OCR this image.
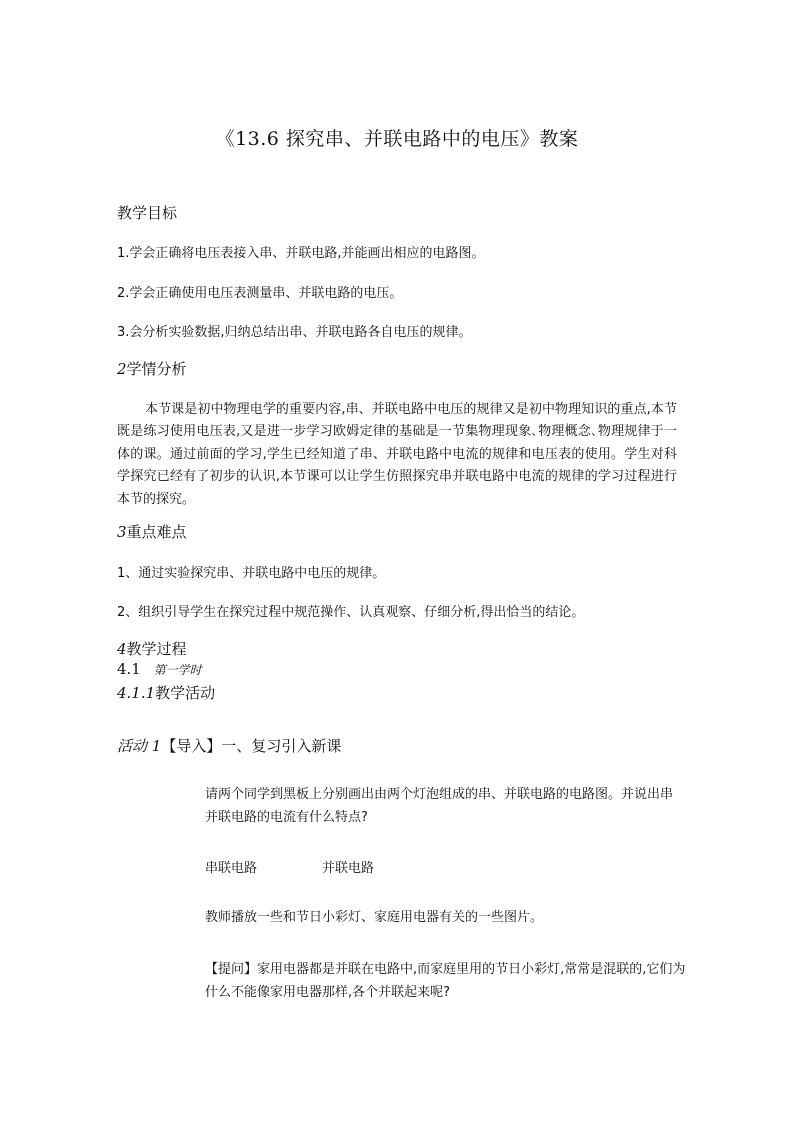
《13.6 探究串、并联电路中的电压》教案
教学目标
1.学会正确将电压表接入串、并联电路,并能画出相应的电路图。
2.学会正确使用电压表测量串、并联电路的电压。
3.会分析实验数据,归纳总结出串、并联电路各自电压的规律。
2学情分析
本节课是初中物理电学的重要内容,串、并联电路中电压的规律又是初中物理知识的重点,本节既是练习使用电压表,又是进一步学习欧姆定律的基础是一节集物理现象､物理概念､物理规律于一体的课。通过前面的学习,学生已经知道了串、并联电路中电流的规律和电压表的使用。学生对科学探究已经有了初步的认识,本节课可以让学生仿照探究串并联电路中电流的规律的学习过程进行本节的探究。
3重点难点
1、通过实验探究串、并联电路中电压的规律。
2、组织引导学生在探究过程中规范操作、认真观察、仔细分析,得出恰当的结论。
4教学过程
4.1 第一学时
4.1.1教学活动
活动 1【导入】一、复习引入新课
请两个同学到黑板上分别画出由两个灯泡组成的串、并联电路的电路图。并说出串并联电路的电流有什么特点?
串联电路	并联电路
教师播放一些和节日小彩灯、家庭用电器有关的一些图片。
【提问】家用电器都是并联在电路中,而家庭里用的节日小彩灯,常常是混联的,它们为什么不能像家用电器那样,各个并联起来呢?
